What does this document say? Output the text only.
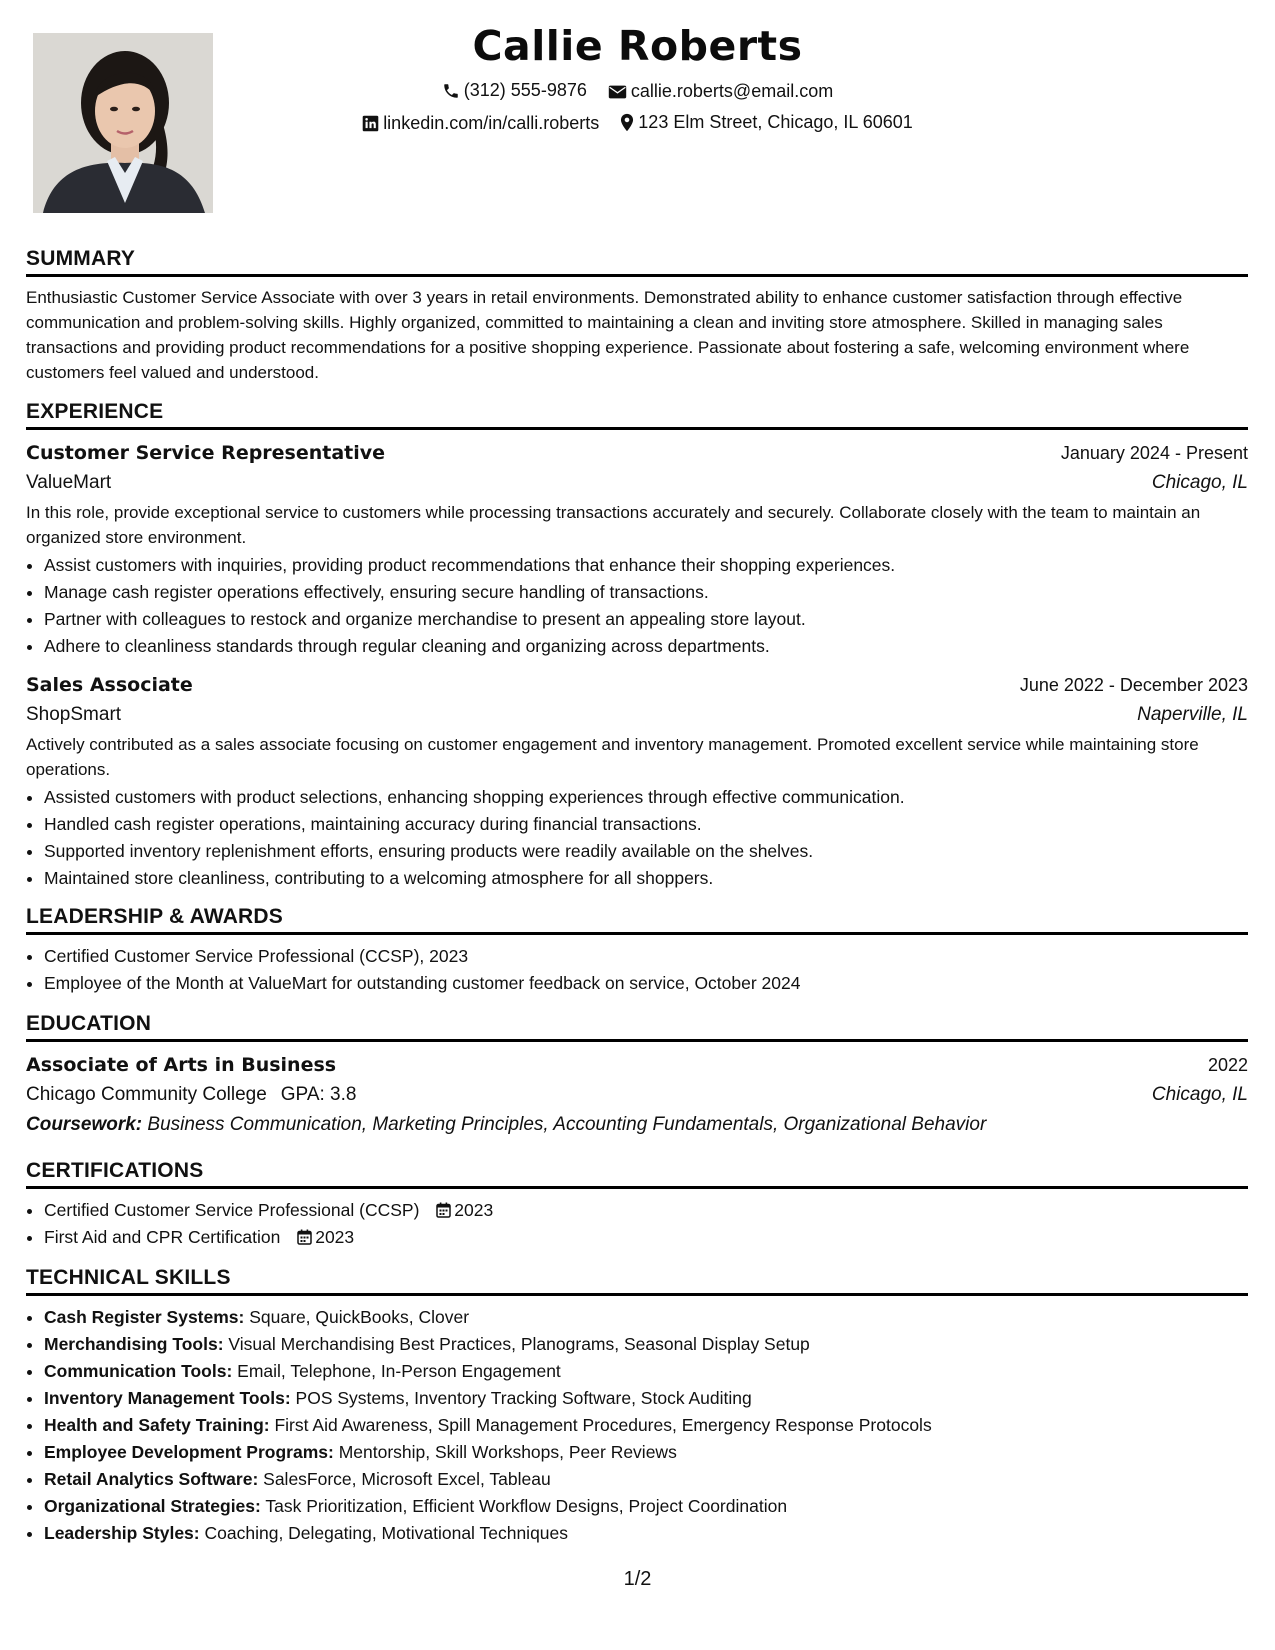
Callie Roberts
(312) 555-9876
callie.roberts@email.com
linkedin.com/in/calli.roberts
123 Elm Street, Chicago, IL 60601
SUMMARY

Enthusiastic Customer Service Associate with over 3 years in retail environments. Demonstrated ability to enhance customer satisfaction through effective communication and problem-solving skills. Highly organized, committed to maintaining a clean and inviting store atmosphere. Skilled in managing sales transactions and providing product recommendations for a positive shopping experience. Passionate about fostering a safe, welcoming environment where customers feel valued and understood.

EXPERIENCE
Customer Service Representative	January 2024 - Present
ValueMart	Chicago, IL

In this role, provide exceptional service to customers while processing transactions accurately and securely. Collaborate closely with the team to maintain an organized store environment.

• Assist customers with inquiries, providing product recommendations that enhance their shopping experiences.
• Manage cash register operations effectively, ensuring secure handling of transactions.
• Partner with colleagues to restock and organize merchandise to present an appealing store layout.
• Adhere to cleanliness standards through regular cleaning and organizing across departments.
Sales Associate	June 2022 - December 2023
ShopSmart	Naperville, IL

Actively contributed as a sales associate focusing on customer engagement and inventory management. Promoted excellent service while maintaining store operations.

• Assisted customers with product selections, enhancing shopping experiences through effective communication.
• Handled cash register operations, maintaining accuracy during financial transactions.
• Supported inventory replenishment efforts, ensuring products were readily available on the shelves.
• Maintained store cleanliness, contributing to a welcoming atmosphere for all shoppers.
LEADERSHIP & AWARDS
• Certified Customer Service Professional (CCSP), 2023
• Employee of the Month at ValueMart for outstanding customer feedback on service, October 2024
EDUCATION
Associate of Arts in Business	2022
Chicago Community College GPA: 3.8	Chicago, IL
Coursework: Business Communication, Marketing Principles, Accounting Fundamentals, Organizational Behavior
CERTIFICATIONS
• Certified Customer Service Professional (CCSP) 2023
• First Aid and CPR Certification 2023
TECHNICAL SKILLS
• Cash Register Systems: Square, QuickBooks, Clover
• Merchandising Tools: Visual Merchandising Best Practices, Planograms, Seasonal Display Setup
• Communication Tools: Email, Telephone, In-Person Engagement
• Inventory Management Tools: POS Systems, Inventory Tracking Software, Stock Auditing
• Health and Safety Training: First Aid Awareness, Spill Management Procedures, Emergency Response Protocols
• Employee Development Programs: Mentorship, Skill Workshops, Peer Reviews
• Retail Analytics Software: SalesForce, Microsoft Excel, Tableau
• Organizational Strategies: Task Prioritization, Efficient Workflow Designs, Project Coordination
• Leadership Styles: Coaching, Delegating, Motivational Techniques
1/2
